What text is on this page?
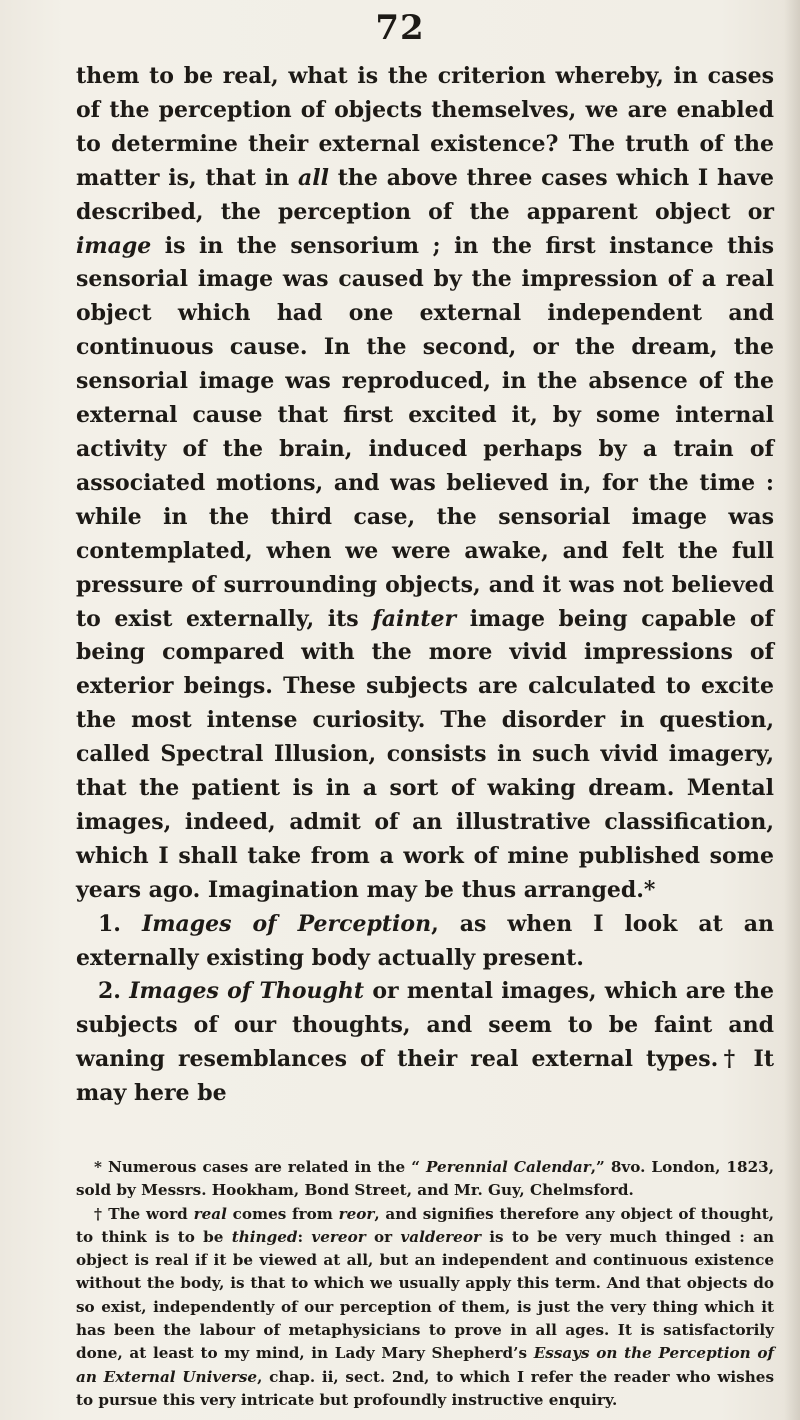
72

them to be real, what is the criterion whereby, in cases of the perception of objects themselves, we are enabled to determine their external existence? The truth of the matter is, that in all the above three cases which I have described, the perception of the apparent object or image is in the sensorium ; in the first instance this sensorial image was caused by the impression of a real object which had one external independent and continuous cause. In the second, or the dream, the sensorial image was reproduced, in the absence of the external cause that first excited it, by some internal activity of the brain, induced perhaps by a train of associated motions, and was believed in, for the time : while in the third case, the sensorial image was contemplated, when we were awake, and felt the full pressure of surrounding objects, and it was not believed to exist externally, its fainter image being capable of being compared with the more vivid impressions of exterior beings. These subjects are calculated to excite the most intense curiosity. The disorder in question, called Spectral Illusion, consists in such vivid imagery, that the patient is in a sort of waking dream. Mental images, indeed, admit of an illustrative classification, which I shall take from a work of mine published some years ago. Imagination may be thus arranged.*

1. Images of Perception, as when I look at an externally existing body actually present.

2. Images of Thought or mental images, which are the subjects of our thoughts, and seem to be faint and waning resemblances of their real external types.† It may here be

* Numerous cases are related in the “ Perennial Calendar,” 8vo. London, 1823, sold by Messrs. Hookham, Bond Street, and Mr. Guy, Chelmsford.

† The word real comes from reor, and signifies therefore any object of thought, to think is to be thinged: vereor or valdereor is to be very much thinged : an object is real if it be viewed at all, but an independent and continuous existence without the body, is that to which we usually apply this term. And that objects do so exist, independently of our perception of them, is just the very thing which it has been the labour of metaphysicians to prove in all ages. It is satisfactorily done, at least to my mind, in Lady Mary Shepherd’s Essays on the Perception of an External Universe, chap. ii, sect. 2nd, to which I refer the reader who wishes to pursue this very intricate but profoundly instructive enquiry.
